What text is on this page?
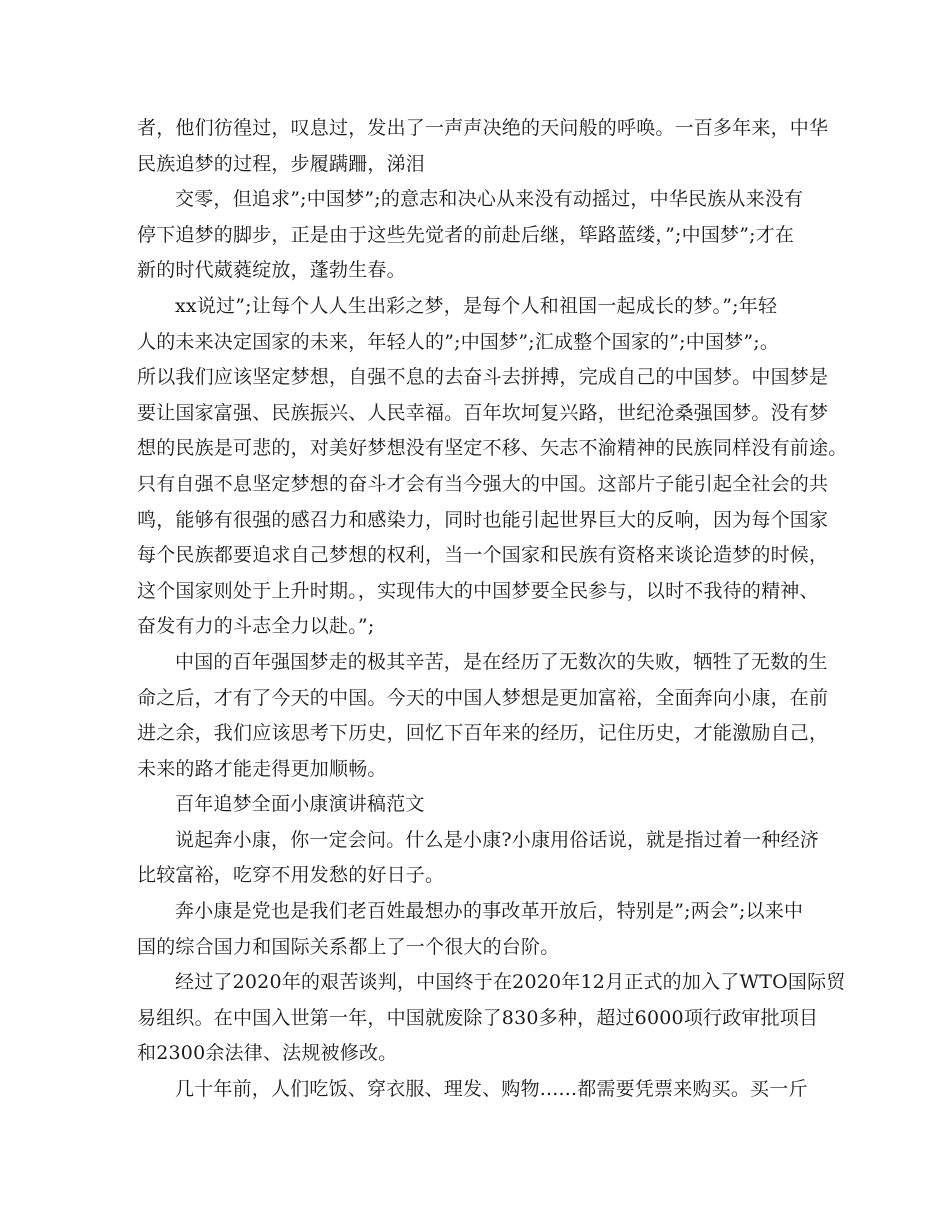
者，他们彷徨过，叹息过，发出了一声声决绝的天问般的呼唤。一百多年来，中华
民族追梦的过程，步履蹒跚，涕泪
交零，但追求”;中国梦”;的意志和决心从来没有动摇过，中华民族从来没有
停下追梦的脚步，正是由于这些先觉者的前赴后继，筚路蓝缕，”;中国梦”;才在
新的时代葳蕤绽放，蓬勃生春。
xx说过”;让每个人人生出彩之梦，是每个人和祖国一起成长的梦。”;年轻
人的未来决定国家的未来，年轻人的”;中国梦”;汇成整个国家的”;中国梦”;。
所以我们应该坚定梦想，自强不息的去奋斗去拼搏，完成自己的中国梦。中国梦是
要让国家富强、民族振兴、人民幸福。百年坎坷复兴路，世纪沧桑强国梦。没有梦
想的民族是可悲的，对美好梦想没有坚定不移、矢志不渝精神的民族同样没有前途。
只有自强不息坚定梦想的奋斗才会有当今强大的中国。这部片子能引起全社会的共
鸣，能够有很强的感召力和感染力，同时也能引起世界巨大的反响，因为每个国家
每个民族都要追求自己梦想的权利，当一个国家和民族有资格来谈论造梦的时候，
这个国家则处于上升时期。，实现伟大的中国梦要全民参与，以时不我待的精神、
奋发有力的斗志全力以赴。”;
中国的百年强国梦走的极其辛苦，是在经历了无数次的失败，牺牲了无数的生
命之后，才有了今天的中国。今天的中国人梦想是更加富裕，全面奔向小康，在前
进之余，我们应该思考下历史，回忆下百年来的经历，记住历史，才能激励自己，
未来的路才能走得更加顺畅。
百年追梦全面小康演讲稿范文
说起奔小康，你一定会问。什么是小康?小康用俗话说，就是指过着一种经济
比较富裕，吃穿不用发愁的好日子。
奔小康是党也是我们老百姓最想办的事改革开放后，特别是”;两会”;以来中
国的综合国力和国际关系都上了一个很大的台阶。
经过了2020年的艰苦谈判，中国终于在2020年12月正式的加入了WTO国际贸
易组织。在中国入世第一年，中国就废除了830多种，超过6000项行政审批项目
和2300余法律、法规被修改。
几十年前，人们吃饭、穿衣服、理发、购物......都需要凭票来购买。买一斤
